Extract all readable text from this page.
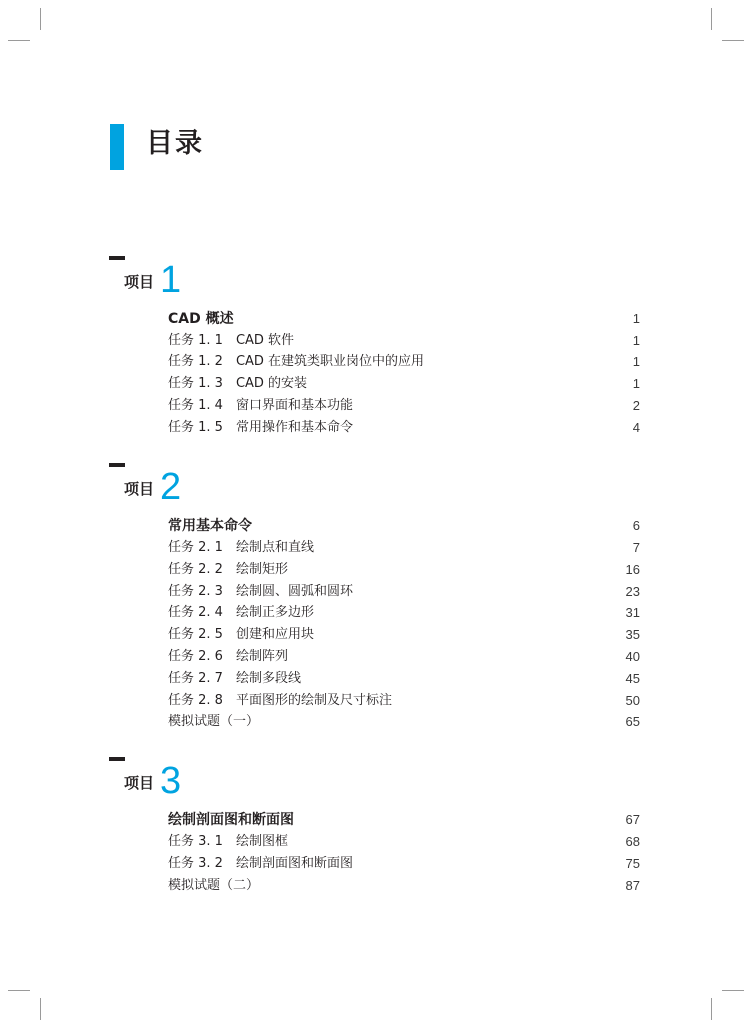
目录
项目 1
CAD 概述	1
任务 1. 1　CAD 软件	1
任务 1. 2　CAD 在建筑类职业岗位中的应用	1
任务 1. 3　CAD 的安装	1
任务 1. 4　窗口界面和基本功能	2
任务 1. 5　常用操作和基本命令	4
项目 2
常用基本命令	6
任务 2. 1　绘制点和直线	7
任务 2. 2　绘制矩形	16
任务 2. 3　绘制圆、圆弧和圆环	23
任务 2. 4　绘制正多边形	31
任务 2. 5　创建和应用块	35
任务 2. 6　绘制阵列	40
任务 2. 7　绘制多段线	45
任务 2. 8　平面图形的绘制及尺寸标注	50
模拟试题（一）	65
项目 3
绘制剖面图和断面图	67
任务 3. 1　绘制图框	68
任务 3. 2　绘制剖面图和断面图	75
模拟试题（二）	87
